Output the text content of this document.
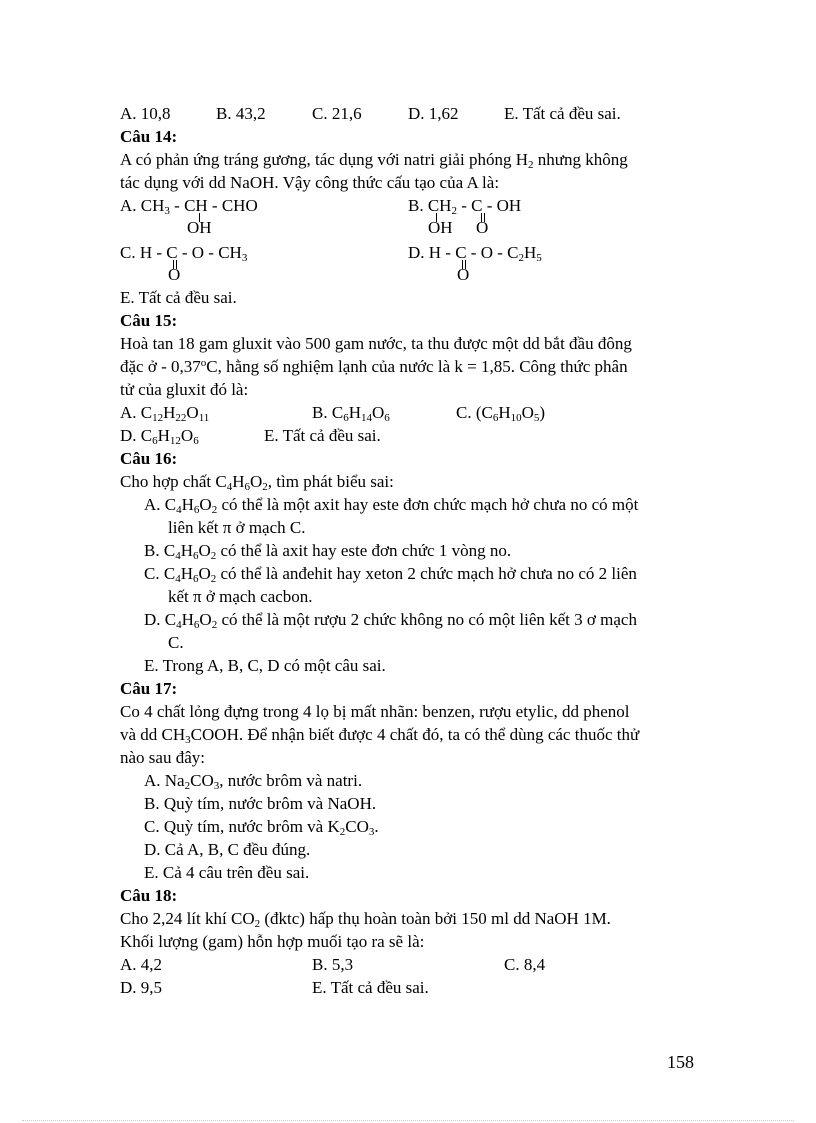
A. 10,8	B. 43,2	C. 21,6	D. 1,62	E. Tất cả đều sai.
Câu 14:
A có phản ứng tráng gương, tác dụng với natri giải phóng $H_2$ nhưng không
tác dụng với dd NaOH. Vậy công thức cấu tạo của A là:
A. $CH_3$ - CH - CHO
OH
B. $CH_2$ - C - OH
OH O
C. H - C - O - $CH_3$
O
D. H - C - O - $C_2H_5$
O
E. Tất cả đều sai.
Câu 15:
Hoà tan 18 gam gluxit vào 500 gam nước, ta thu được một dd bắt đầu đông
đặc ở - 0,37$^o$C, hằng số nghiệm lạnh của nước là k = 1,85. Công thức phân
tử của gluxit đó là:
A. $C_{12}H_{22}O_{11}$	B. $C_6H_{14}O_6$	C. $(C_6H_{10}O_5)$
D. $C_6H_{12}O_6$	E. Tất cả đều sai.
Câu 16:
Cho hợp chất $C_4H_6O_2$, tìm phát biểu sai:
A. $C_4H_6O_2$ có thể là một axit hay este đơn chức mạch hở chưa no có một
liên kết π ở mạch C.
B. $C_4H_6O_2$ có thể là axit hay este đơn chức 1 vòng no.
C. $C_4H_6O_2$ có thể là anđehit hay xeton 2 chức mạch hở chưa no có 2 liên
kết π ở mạch cacbon.
D. $C_4H_6O_2$ có thể là một rượu 2 chức không no có một liên kết 3 ơ mạch
C.
E. Trong A, B, C, D có một câu sai.
Câu 17:
Co 4 chất lỏng đựng trong 4 lọ bị mất nhãn: benzen, rượu etylic, dd phenol
và dd $CH_3COOH$. Để nhận biết được 4 chất đó, ta có thể dùng các thuốc thử
nào sau đây:
A. $Na_2CO_3$, nước brôm và natri.
B. Quỳ tím, nước brôm và NaOH.
C. Quỳ tím, nước brôm và $K_2CO_3$.
D. Cả A, B, C đều đúng.
E. Cả 4 câu trên đều sai.
Câu 18:
Cho 2,24 lít khí $CO_2$ (đktc) hấp thụ hoàn toàn bởi 150 ml dd NaOH 1M.
Khối lượng (gam) hỗn hợp muối tạo ra sẽ là:
A. 4,2	B. 5,3	C. 8,4
D. 9,5	E. Tất cả đều sai.
158
